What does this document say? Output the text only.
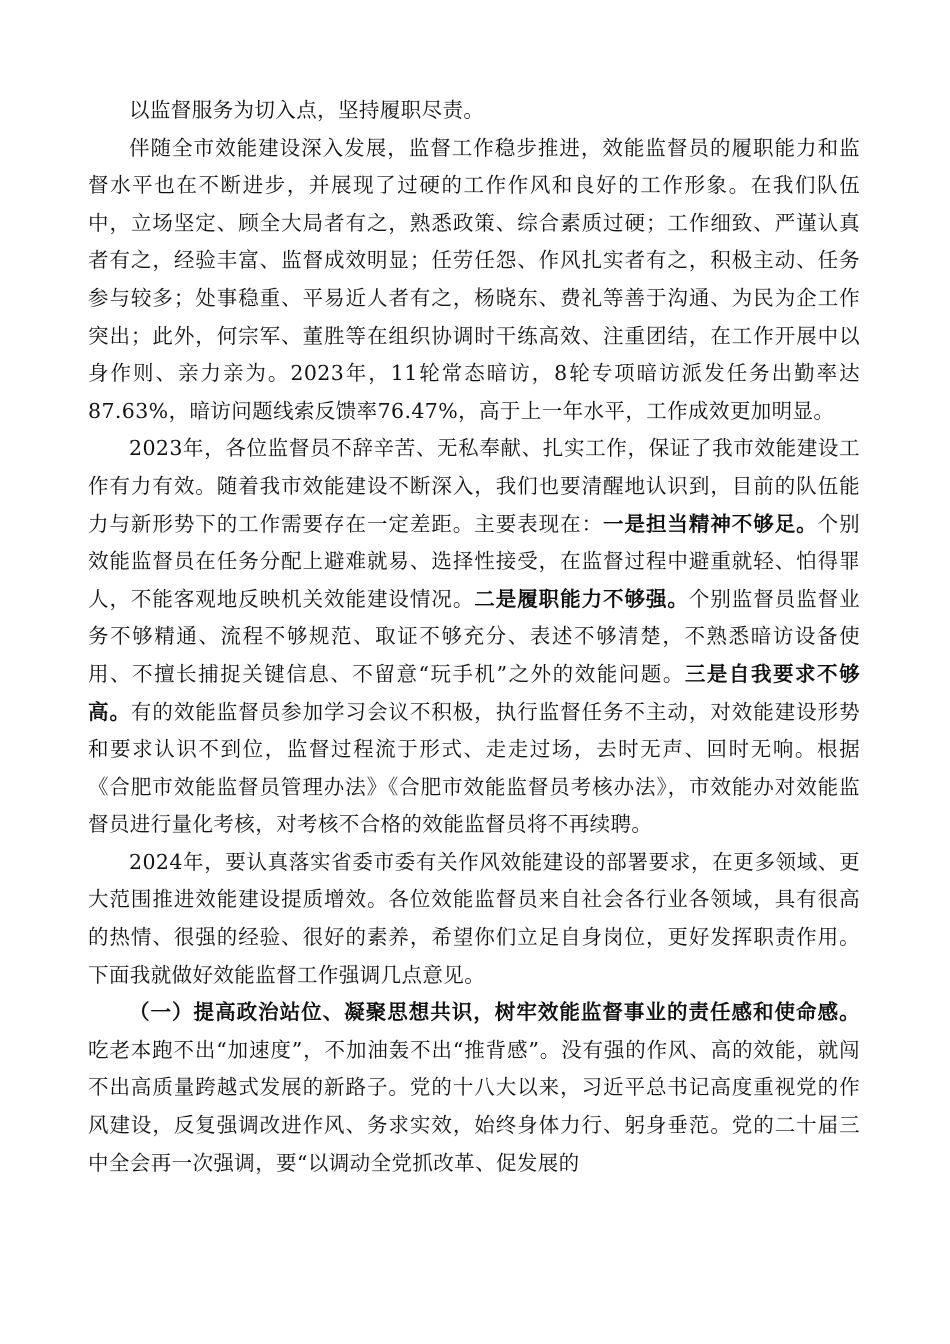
以监督服务为切入点，坚持履职尽责。

伴随全市效能建设深入发展，监督工作稳步推进，效能监督员的履职能力和监督水平也在不断进步，并展现了过硬的工作作风和良好的工作形象。在我们队伍中，立场坚定、顾全大局者有之，熟悉政策、综合素质过硬；工作细致、严谨认真者有之，经验丰富、监督成效明显；任劳任怨、作风扎实者有之，积极主动、任务参与较多；处事稳重、平易近人者有之，杨晓东、费礼等善于沟通、为民为企工作突出；此外，何宗军、董胜等在组织协调时干练高效、注重团结，在工作开展中以身作则、亲力亲为。2023年，11轮常态暗访，8轮专项暗访派发任务出勤率达87.63%，暗访问题线索反馈率76.47%，高于上一年水平，工作成效更加明显。

2023年，各位监督员不辞辛苦、无私奉献、扎实工作，保证了我市效能建设工作有力有效。随着我市效能建设不断深入，我们也要清醒地认识到，目前的队伍能力与新形势下的工作需要存在一定差距。主要表现在：一是担当精神不够足。个别效能监督员在任务分配上避难就易、选择性接受，在监督过程中避重就轻、怕得罪人，不能客观地反映机关效能建设情况。二是履职能力不够强。个别监督员监督业务不够精通、流程不够规范、取证不够充分、表述不够清楚，不熟悉暗访设备使用、不擅长捕捉关键信息、不留意“玩手机”之外的效能问题。三是自我要求不够高。有的效能监督员参加学习会议不积极，执行监督任务不主动，对效能建设形势和要求认识不到位，监督过程流于形式、走走过场，去时无声、回时无响。根据《合肥市效能监督员管理办法》《合肥市效能监督员考核办法》，市效能办对效能监督员进行量化考核，对考核不合格的效能监督员将不再续聘。

2024年，要认真落实省委市委有关作风效能建设的部署要求，在更多领域、更大范围推进效能建设提质增效。各位效能监督员来自社会各行业各领域，具有很高的热情、很强的经验、很好的素养，希望你们立足自身岗位，更好发挥职责作用。下面我就做好效能监督工作强调几点意见。

（一）提高政治站位、凝聚思想共识，树牢效能监督事业的责任感和使命感。吃老本跑不出“加速度”，不加油轰不出“推背感”。没有强的作风、高的效能，就闯不出高质量跨越式发展的新路子。党的十八大以来，习近平总书记高度重视党的作风建设，反复强调改进作风、务求实效，始终身体力行、躬身垂范。党的二十届三中全会再一次强调，要“以调动全党抓改革、促发展的
